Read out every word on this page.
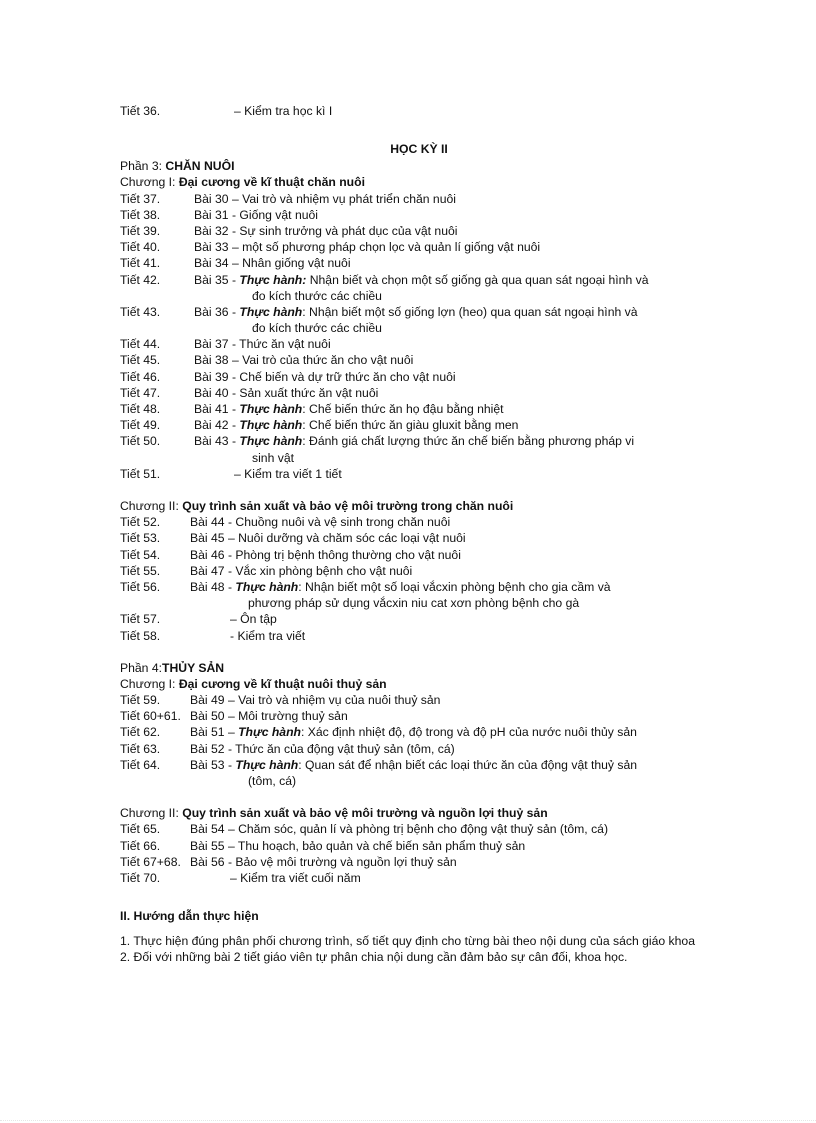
Tiết 36.	– Kiểm tra học kì I
HỌC KỲ II
Phần 3: CHĂN NUÔI
Chương I: Đại cương về kĩ thuật chăn nuôi
Tiết 37.	Bài 30 – Vai trò và nhiệm vụ phát triển chăn nuôi
Tiết 38.	Bài 31 - Giống vật nuôi
Tiết 39.	Bài 32 - Sự sinh trưởng và phát dục của vật nuôi
Tiết 40.	Bài 33 – một số phương pháp chọn lọc và quản lí giống vật nuôi
Tiết 41.	Bài 34 – Nhân giống vật nuôi
Tiết 42.	Bài 35 - Thực hành: Nhận biết và chọn một số giống gà qua quan sát ngoại hình và
đo kích thước các chiều
Tiết 43.	Bài 36 - Thực hành: Nhận biết một số giống lợn (heo) qua quan sát ngoại hình và
đo kích thước các chiều
Tiết 44.	Bài 37 - Thức ăn vật nuôi
Tiết 45.	Bài 38 – Vai trò của thức ăn cho vật nuôi
Tiết 46.	Bài 39 - Chế biến và dự trữ thức ăn cho vật nuôi
Tiết 47.	Bài 40 - Sản xuất thức ăn vật nuôi
Tiết 48.	Bài 41 - Thực hành: Chế biến thức ăn họ đậu bằng nhiệt
Tiết 49.	Bài 42 - Thực hành: Chế biến thức ăn giàu gluxit bằng men
Tiết 50.	Bài 43 - Thực hành: Đánh giá chất lượng thức ăn chế biến bằng phương pháp vi
sinh vật
Tiết 51.	– Kiểm tra viết 1 tiết
Chương II: Quy trình sản xuất và bảo vệ môi trường trong chăn nuôi
Tiết 52. Bài 44 - Chuồng nuôi và vệ sinh trong chăn nuôi
Tiết 53. Bài 45 – Nuôi dưỡng và chăm sóc các loại vật nuôi
Tiết 54. Bài 46 - Phòng trị bệnh thông thường cho vật nuôi
Tiết 55. Bài 47 - Vắc xin phòng bệnh cho vật nuôi
Tiết 56. Bài 48 - Thực hành: Nhận biết một số loại vắcxin phòng bệnh cho gia cầm và
phương pháp sử dụng vắcxin niu cat xơn phòng bệnh cho gà
Tiết 57.	– Ôn tập
Tiết 58.	- Kiểm tra viết
Phần 4:THỦY SẢN
Chương I: Đại cương về kĩ thuật nuôi thuỷ sản
Tiết 59. Bài 49 – Vai trò và nhiệm vụ của nuôi thuỷ sản
Tiết 60+61. Bài 50 – Môi trường thuỷ sản
Tiết 62. Bài 51 – Thực hành: Xác định nhiệt độ, độ trong và độ pH của nước nuôi thủy sản
Tiết 63. Bài 52 - Thức ăn của động vật thuỷ sản (tôm, cá)
Tiết 64. Bài 53 - Thực hành: Quan sát để nhận biết các loại thức ăn của động vật thuỷ sản
(tôm, cá)
Chương II: Quy trình sản xuất và bảo vệ môi trường và nguồn lợi thuỷ sản
Tiết 65. Bài 54 – Chăm sóc, quản lí và phòng trị bệnh cho động vật thuỷ sản (tôm, cá)
Tiết 66. Bài 55 – Thu hoạch, bảo quản và chế biến sản phẩm thuỷ sản
Tiết 67+68. Bài 56 - Bảo vệ môi trường và nguồn lợi thuỷ sản
Tiết 70.	– Kiểm tra viết cuối năm
II. Hướng dẫn thực hiện
1. Thực hiện đúng phân phối chương trình, số tiết quy định cho từng bài theo nội dung của sách giáo khoa
2. Đối với những bài 2 tiết giáo viên tự phân chia nội dung cần đảm bảo sự cân đối, khoa học.
